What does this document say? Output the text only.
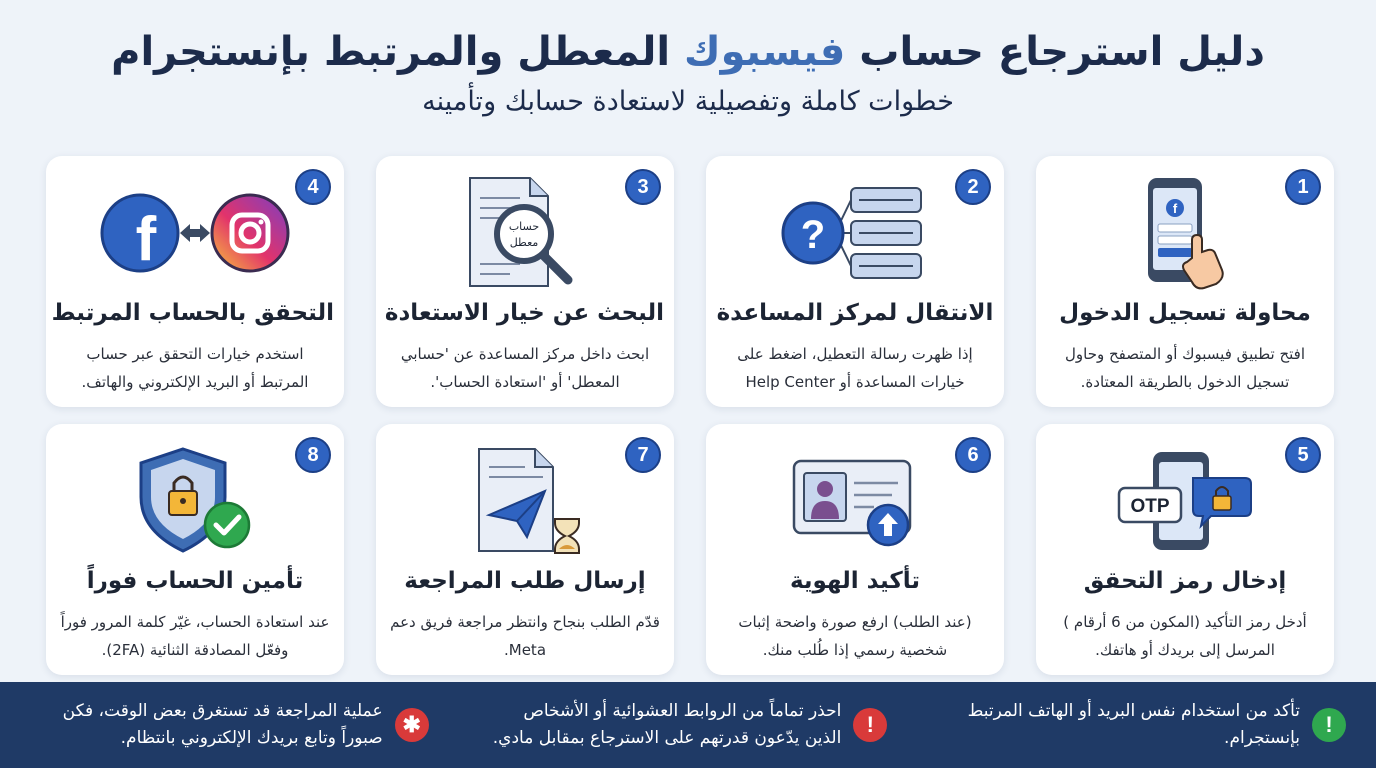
دليل استرجاع حساب فيسبوك المعطل والمرتبط بإنستجرام
خطوات كاملة وتفصيلية لاستعادة حسابك وتأمينه
1
f
محاولة تسجيل الدخول
افتح تطبيق فيسبوك أو المتصفح وحاول تسجيل الدخول بالطريقة المعتادة.
2
?
الانتقال لمركز المساعدة
إذا ظهرت رسالة التعطيل، اضغط على خيارات المساعدة أو Help Center
3
حساب
معطل
البحث عن خيار الاستعادة
ابحث داخل مركز المساعدة عن 'حسابي المعطل' أو 'استعادة الحساب'.
4
f
التحقق بالحساب المرتبط
استخدم خيارات التحقق عبر حساب المرتبط أو البريد الإلكتروني والهاتف.
5
OTP
إدخال رمز التحقق
أدخل رمز التأكيد (المكون من 6 أرقام ) المرسل إلى بريدك أو هاتفك.
6
تأكيد الهوية
(عند الطلب) ارفع صورة واضحة إثبات شخصية رسمي إذا طُلب منك.
7
إرسال طلب المراجعة
قدّم الطلب بنجاح وانتظر مراجعة فريق دعم Meta.
8
تأمين الحساب فوراً
عند استعادة الحساب، غيّر كلمة المرور فوراً وفعّل المصادقة الثنائية (2FA).
!
تأكد من استخدام نفس البريد أو الهاتف المرتبط بإنستجرام.
!
احذر تماماً من الروابط العشوائية أو الأشخاص الذين يدّعون قدرتهم على الاسترجاع بمقابل مادي.
✱
عملية المراجعة قد تستغرق بعض الوقت، فكن صبوراً وتابع بريدك الإلكتروني بانتظام.
